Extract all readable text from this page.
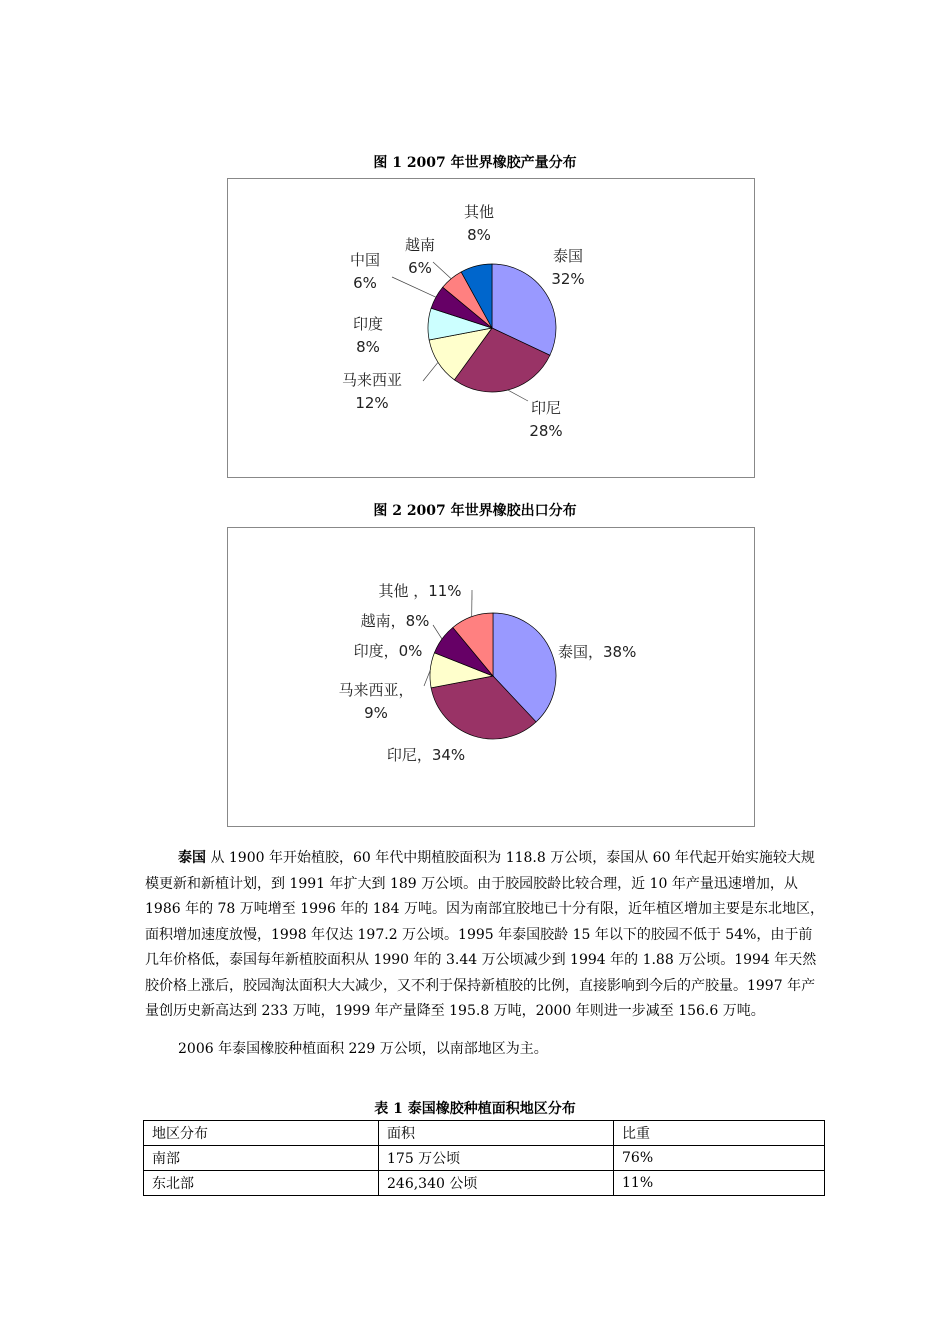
图 1 2007 年世界橡胶产量分布
泰国
32%
印尼
28%
马来西亚
12%
印度
8%
中国
6%
越南
6%
其他
8%
图 2 2007 年世界橡胶出口分布
泰国，38%
印尼，34%
马来西亚，
9%
印度，0%
越南，8%
其他 ，11%

泰国 从 1900 年开始植胶，60 年代中期植胶面积为 118.8 万公顷，泰国从 60 年代起开始实施较大规模更新和新植计划，到 1991 年扩大到 189 万公顷。由于胶园胶龄比较合理，近 10 年产量迅速增加，从 1986 年的 78 万吨增至 1996 年的 184 万吨。因为南部宜胶地已十分有限，近年植区增加主要是东北地区，面积增加速度放慢，1998 年仅达 197.2 万公顷。1995 年泰国胶龄 15 年以下的胶园不低于 54%，由于前几年价格低，泰国每年新植胶面积从 1990 年的 3.44 万公顷减少到 1994 年的 1.88 万公顷。1994 年天然胶价格上涨后，胶园淘汰面积大大减少，又不利于保持新植胶的比例，直接影响到今后的产胶量。1997 年产量创历史新高达到 233 万吨，1999 年产量降至 195.8 万吨，2000 年则进一步减至 156.6 万吨。

2006 年泰国橡胶种植面积 229 万公顷，以南部地区为主。

表 1 泰国橡胶种植面积地区分布
地区分布	面积	比重
南部	175 万公顷	76%
东北部	246,340 公顷	11%
